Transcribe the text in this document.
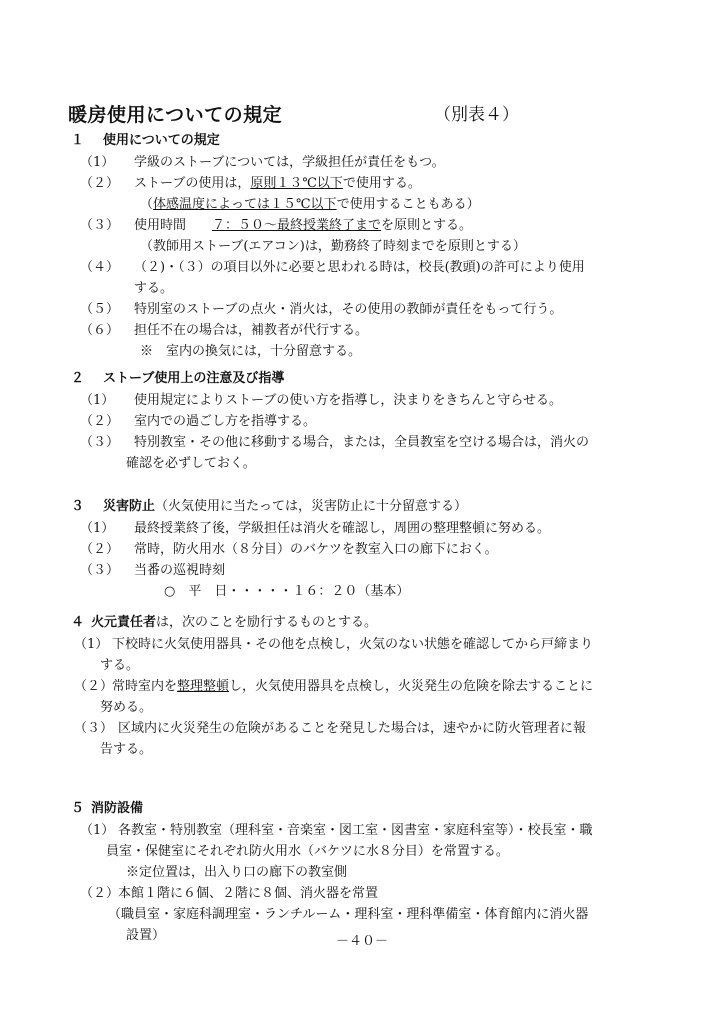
暖房使用についての規定	（別表４）
１ 使用についての規定
（1）	学級のストーブについては，学級担任が責任をもつ。
（２）	ストーブの使用は，原則１３℃以下で使用する。
（体感温度によっては１５℃以下で使用することもある）
（３）	使用時間　　７：５０～最終授業終了までを原則とする。
（教師用ストーブ(エアコン)は，勤務終了時刻までを原則とする）
（４）	（２)・（３）の項目以外に必要と思われる時は，校長(教頭)の許可により使用
する。
（５）	特別室のストーブの点火・消火は，その使用の教師が責任をもって行う。
（６）	担任不在の場合は，補教者が代行する。
※　室内の換気には，十分留意する。
２ ストーブ使用上の注意及び指導
（1）	使用規定によりストーブの使い方を指導し，決まりをきちんと守らせる。
（２）	室内での過ごし方を指導する。
（３）	特別教室・その他に移動する場合，または，全員教室を空ける場合は，消火の
確認を必ずしておく。
３ 災害防止（火気使用に当たっては，災害防止に十分留意する）
（1）	最終授業終了後，学級担任は消火を確認し，周囲の整理整頓に努める。
（２）	常時，防火用水（８分目）のバケツを教室入口の廊下におく。
（３）	当番の巡視時刻
○　平　日・・・・・１６：２０（基本）
４ 火元責任者は，次のことを励行するものとする。
（1） 下校時に火気使用器具・その他を点検し，火気のない状態を確認してから戸締まり
する。
（２）
常時室内を整理整頓し，火気使用器具を点検し，火災発生の危険を除去することに
努める。
（３） 区域内に火災発生の危険があることを発見した場合は，速やかに防火管理者に報
告する。
５ 消防設備
（1） 各教室・特別教室（理科室・音楽室・図工室・図書室・家庭科室等）・校長室・職
員室・保健室にそれぞれ防火用水（バケツに水８分目）を常置する。
※定位置は，出入り口の廊下の教室側
（２）
本館１階に６個、２階に８個、消火器を常置
（職員室・家庭科調理室・ランチルーム・理科室・理科準備室・体育館内に消火器
設置）	－４０－
